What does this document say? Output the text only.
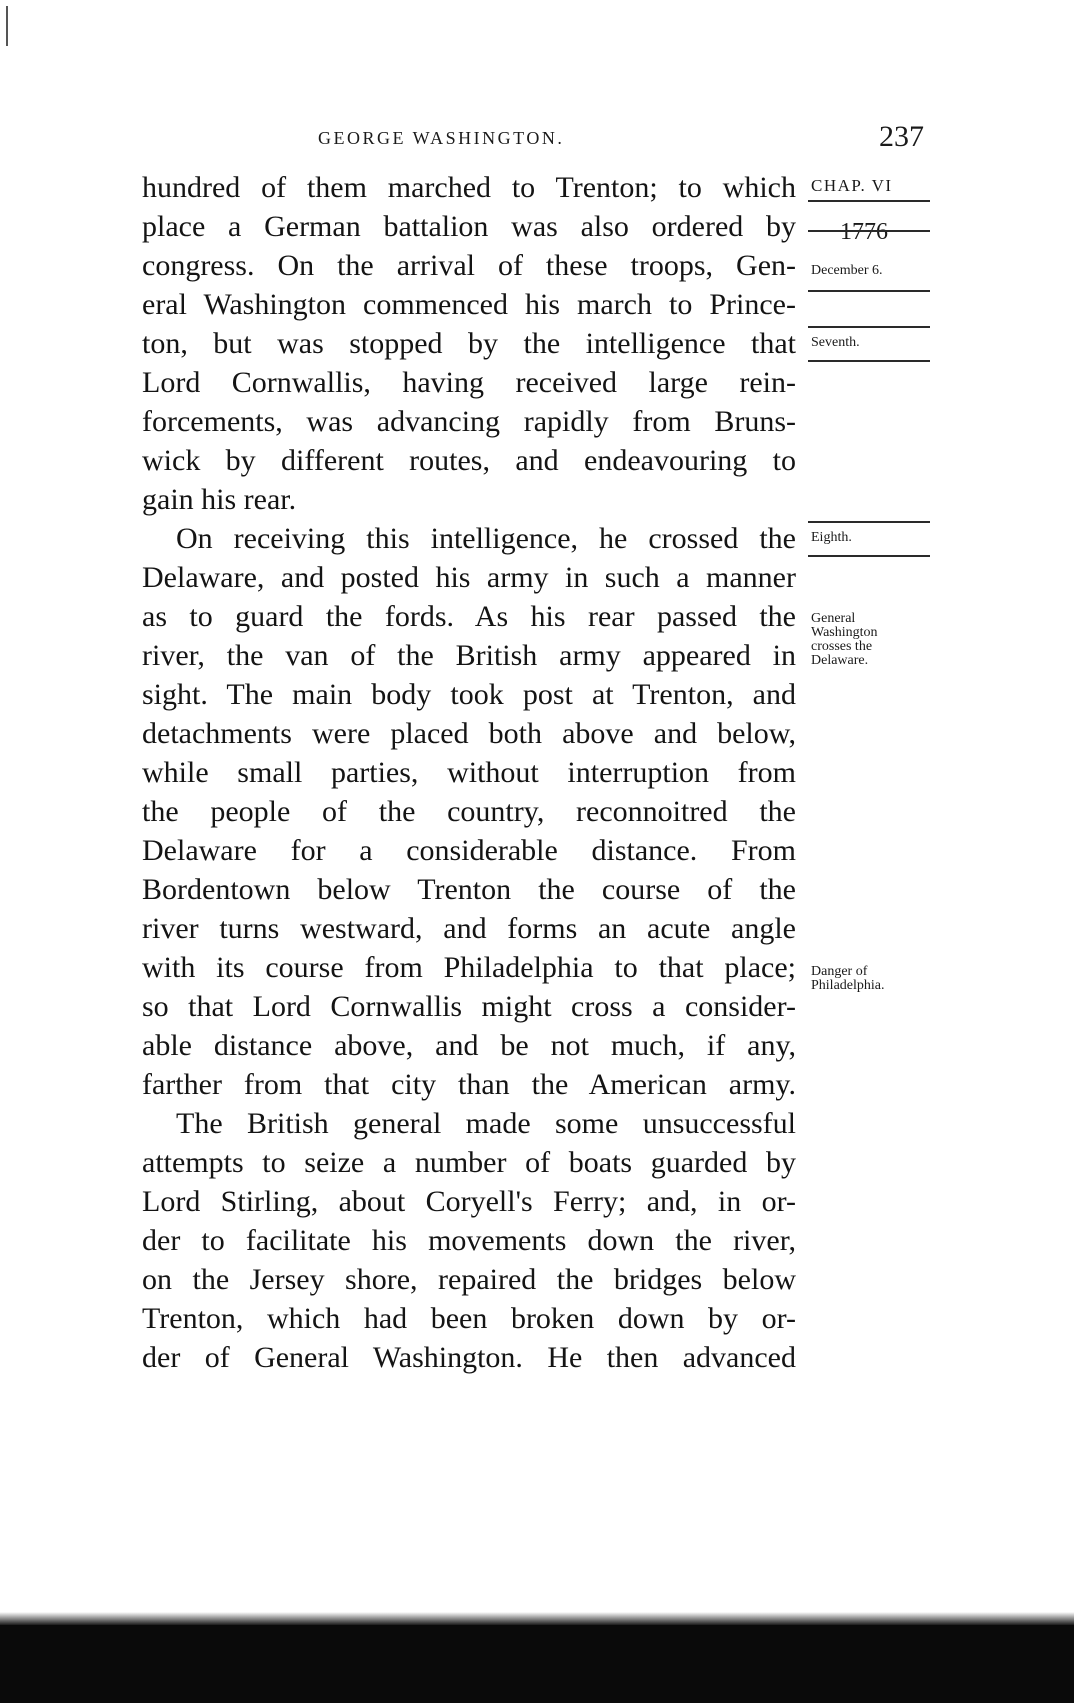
GEORGE WASHINGTON.	237
CHAP. VI
1776
December 6.
Seventh.
Eighth.
General
Washington
crosses the
Delaware.
Danger of
Philadelphia.
hundred of them marched to Trenton; to which
place a German battalion was also ordered by
congress. On the arrival of these troops, Gen-
eral Washington commenced his march to Prince-
ton, but was stopped by the intelligence that
Lord Cornwallis, having received large rein-
forcements, was advancing rapidly from Bruns-
wick by different routes, and endeavouring to
gain his rear.
On receiving this intelligence, he crossed the
Delaware, and posted his army in such a manner
as to guard the fords. As his rear passed the
river, the van of the British army appeared in
sight. The main body took post at Trenton, and
detachments were placed both above and below,
while small parties, without interruption from
the people of the country, reconnoitred the
Delaware for a considerable distance. From
Bordentown below Trenton the course of the
river turns westward, and forms an acute angle
with its course from Philadelphia to that place;
so that Lord Cornwallis might cross a consider-
able distance above, and be not much, if any,
farther from that city than the American army.
The British general made some unsuccessful
attempts to seize a number of boats guarded by
Lord Stirling, about Coryell's Ferry; and, in or-
der to facilitate his movements down the river,
on the Jersey shore, repaired the bridges below
Trenton, which had been broken down by or-
der of General Washington. He then advanced
